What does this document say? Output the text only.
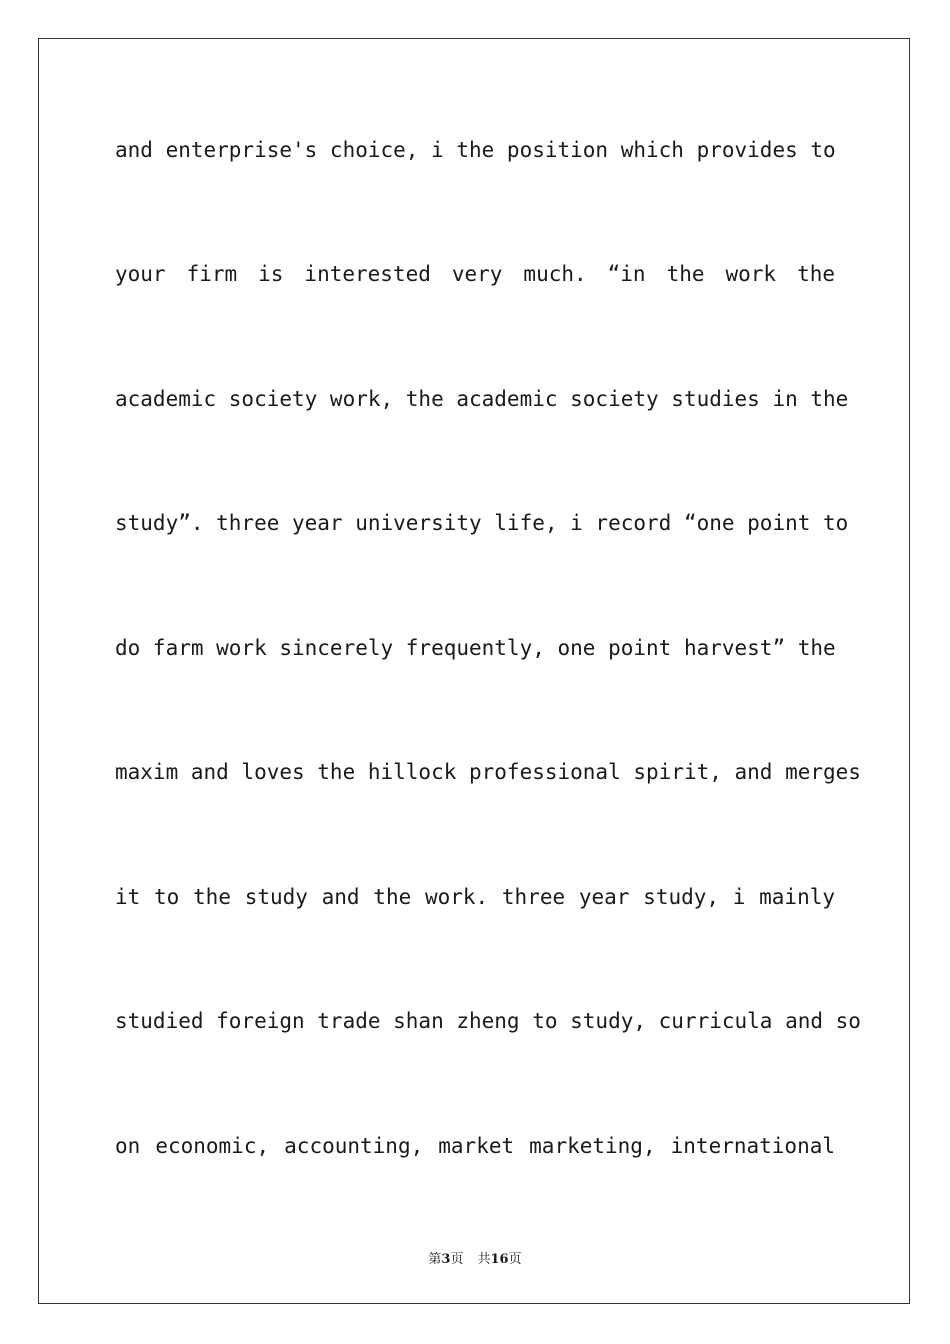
and enterprise's choice, i the position which provides to
your firm is interested very much. “in the work the
academic society work, the academic society studies in the
study”. three year university life, i record “one point to
do farm work sincerely frequently, one point harvest” the
maxim and loves the hillock professional spirit, and merges
it to the study and the work. three year study, i mainly
studied foreign trade shan zheng to study, curricula and so
on economic, accounting, market marketing, international
第3页 共16页
